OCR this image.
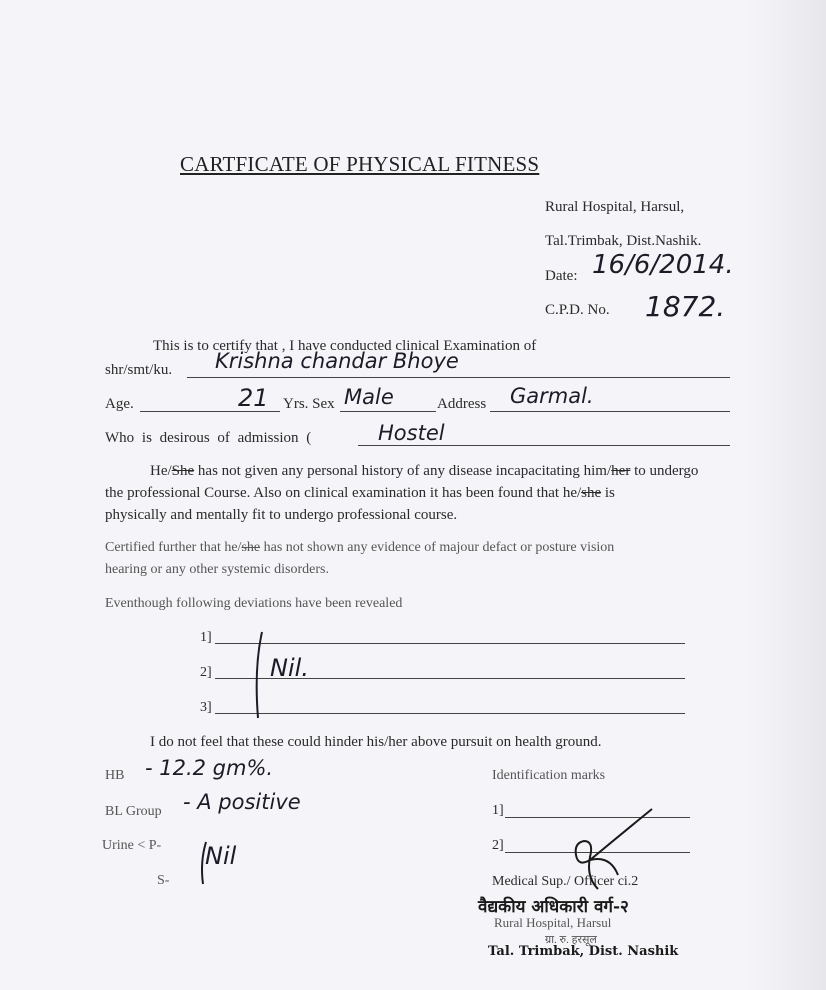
CARTFICATE OF PHYSICAL FITNESS
Rural Hospital, Harsul,
Tal.Trimbak, Dist.Nashik.
Date: 16/6/2014.
C.P.D. No. 1872.
This is to certify that , I have conducted clinical Examination of
shr/smt/ku. Krishna chandar Bhoye
Age.	21 Yrs. Sex Male	Address Garmal.
Who is desirous of admission (	Hostel
He/She has not given any personal history of any disease incapacitating him/her to undergo
the professional Course. Also on clinical examination it has been found that he/she is
physically and mentally fit to undergo professional course.
Certified further that he/she has not shown any evidence of majour defact or posture vision
hearing or any other systemic disorders.
Eventhough following deviations have been revealed
1]
2]
3]
Nil.
I do not feel that these could hinder his/her above pursuit on health ground.
HB - 12.2 gm%.
BL Group - A positive
Urine < P- Nil
S-
Identification marks
1]
2]
Medical Sup./ Officer ci.2
वैद्यकीय अधिकारी वर्ग-२
Rural Hospital, Harsul
ग्रा. रु. हरसूल
Tal. Trimbak, Dist. Nashik
